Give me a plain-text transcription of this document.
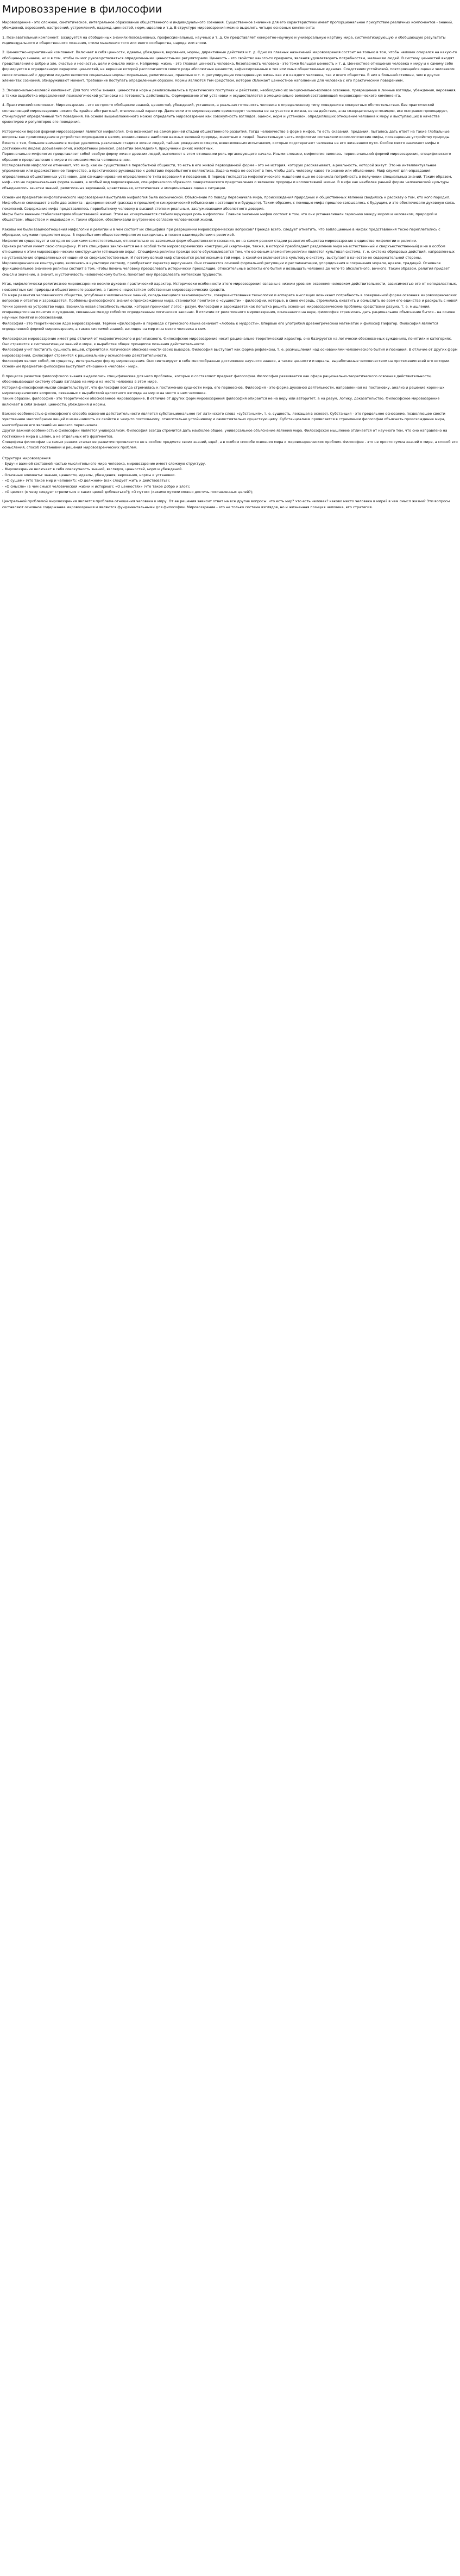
Мировоззрение в философии

Мировоззрение - это сложное, синтетическое, интегральное образование общественного и индивидуального сознания. Существенное значение для его характеристики имеет пропорциональное присутствие различных компонентов - знаний, убеждений, верований, настроений, устремлений, надежд, ценностей, норм, идеалов и т.д. В структуре мировоззрения можно выделить четыре основных компонента:

1. Познавательный компонент. Базируется на обобщенных знаниях-повседневных, профессиональных, научных и т. д. Он представляет конкретно-научную и универсальную картину мира, систематизирующую и обобщающую результаты индивидуального и общественного познания, стили мышления того или иного сообщества, народа или эпохи.

2. Ценностно-нормативный компонент. Включает в себя ценности, идеалы, убеждения, верования, нормы, директивные действия и т. д. Одно из главных назначений мировоззрения состоит не только в том, чтобы человек опирался на какую-то обобщенную знание, но и в том, чтобы он мог руководствоваться определенными ценностными регуляторами. Ценность - это свойство какого-то предмета, явления удовлетворять потребностям, желаниям людей. В систему ценностей входят представления о добре и зле, счастье и несчастье, цели и смысле жизни. Например: жизнь - это главная ценность человека, безопасность человека - это тоже большая ценность и т. д. Ценностное отношение человека к миру и к самому себе формируется в определенную иерархию ценностей, на вершине которой располагаются своего рода абсолютные ценности, зафиксированные в тех или иных общественных идеалах. Следствием устойчивой, повторяющейся оценки человеком своих отношений с другими людьми являются социальные нормы: моральные, религиозные, правовые и т. п. регулирующие повседневную жизнь как и в каждого человека, так и всего общества. В них в большей степени, чем в других элементах сознания, обнаруживают момент, требование поступать определенным образом. Нормы являются тем средством, которое сближает ценностное наполнение для человека с его практическим поведением.

3. Эмоционально-волевой компонент. Для того чтобы знания, ценности и нормы реализовывались в практических поступках и действиях, необходимо их эмоционально-волевое освоение, превращение в личные взгляды, убеждения, верования, а также выработка определенной психологической установки на готовность действовать. Формирование этой установки и осуществляется в эмоционально-волевой составляющей мировоззренческого компонента.

4. Практический компонент. Мировоззрение - это не просто обобщение знаний, ценностей, убеждений, установок, а реальная готовность человека к определенному типу поведения в конкретных обстоятельствах. Без практической составляющей мировоззрение носило бы крайне абстрактный, отвлеченный характер. Даже если это мировоззрение ориентирует человека не на участие в жизни, не на действие, а на созерцательную позицию, все оно равно провоцирует, стимулирует определенный тип поведения. На основе вышеизложенного можно определить мировоззрение как совокупность взглядов, оценок, норм и установок, определяющих отношение человека к миру и выступающих в качестве ориентиров и регуляторов его поведения.

Исторически первой формой мировоззрения является мифология. Она возникает на самой ранней стадии общественного развития. Тогда человечество в форме мифов, то есть сказаний, преданий, пыталось дать ответ на такие глобальные вопросы как происхождение и устройство мироздания в целом, возникновение наиболее важных явлений природы, животных и людей. Значительную часть мифологии составляли космологические мифы, посвященные устройству природы. Вместе с тем, большое внимание в мифах уделялось различным стадиям жизни людей, тайнам рождения и смерти, всевозможным испытаниям, которые подстерегают человека на его жизненном пути. Особое место занимают мифы о достижениях людей: добывании огня, изобретении ремесел, развитии земледелия, приручении диких животных.

Первоначально мифология представляет собой особую форму жизни древних людей, выполняет в этом отношении роль организующего начала. Иными словами, мифология являлась первоначальной формой мировоззрения, специфического образного представления о мире и понимания места человека в нем.

Исследователи мифологии отмечают, что миф, как он существовал в первобытной общности, то есть в его живой первозданной форме - это не история, которую рассказывают, а реальность, которой живут. Это не интеллектуальное упражнение или художественное творчество, а практическое руководство к действию первобытного коллектива. Задача мифа не состоит в том, чтобы дать человеку какое-то знание или объяснение. Миф служит для оправдания определенных общественных установок, для санкционирования определенного типа верований и поведения. В период господства мифологического мышления еще не возникла потребность в получении специальных знаний. Таким образом, миф - это не первоначальная форма знания, а особый вид мировоззрения, специфического образного синкретического представления о явлениях природы и коллективной жизни. В мифе как наиболее ранней форме человеческой культуры объединялись зачатки знаний, религиозных верований, нравственная, эстетическая и эмоциональная оценка ситуации.

Основным предметом мифологического мировоззрения выступала мифология была космической. Объяснение по поводу первоначала мира, происхождения природных и общественных явлений сводилось к рассказу о том, кто кого породил.

Миф обычно совмещает в себе два аспекта - диахронический (рассказ о прошлом) и синхронический (объяснение настоящего и будущего). Таким образом, с помощью мифа прошлое связывалось с будущим, и это обеспечивало духовную связь поколений. Содержание мифа представлялось первобытному человеку в высшей степени реальным, заслуживающим абсолютного доверия.

Мифы были важным стабилизатором общественной жизни. Этим не исчерпывается стабилизирующая роль мифологии. Главное значение мифов состоит в том, что они устанавливали гармонию между миром и человеком, природой и обществом, обществом и индивидом и, таким образом, обеспечивали внутреннюю согласие человеческой жизни.

Каковы же были взаимоотношения мифологии и религии и в чем состоит их специфика при разрешении мировоззренческих вопросов? Прежде всего, следует отметить, что воплощенные в мифах представления тесно переплетались с обрядами, служили предметом веры. В первобытном обществе мифология находилась в тесном взаимодействии с религией.

Мифология существует и сегодня не рамками самостоятельных, относительно не зависимых форм общественного сознания, но на самом раннем стадии развития общества мировоззрение в единстве мифологии и религии.

Однако религия имеет свою специфику. И эта специфика заключается не в особой типе мировоззренческих конструкций (картинере, также, в которой преобладает разделение мира на естественный и сверхъестественный) и не в особом отношении к этим мировоззренческим конструкциям (отношение веры). Специфика религии прежде всего обуславливается тем, что основным элементом религии является культовая система, т. е. система обрядовых действий, направленных на установление определенных отношений со сверхъестественным. И поэтому всякий миф становится религиозным в той мере, в какой он включается в культовую систему, выступает в качестве ее содержательной стороны. Мировоззренческие конструкции, включаясь в культовую систему, приобретают характер вероучения. Они становятся основой формальной регуляции и регламентации, упорядочения и сохранения морали, нравов, традиций. Основное функциональное значение религии состоит в том, чтобы помочь человеку преодолевать исторически преходящие, относительные аспекты его бытия и возвышать человека до чего-то абсолютного, вечного. Таким образом, религия придает смысл и значение, а значит, и устойчивость человеческому бытию, помогает ему преодолевать житейские трудности.

Итак, мифологически-религиозное мировоззрение носило духовно-практический характер. Исторически особенности этого мировоззрения связаны с низким уровнем освоения человеком действительности, зависимостью его от неподвластных, неизвестных сил природы и общественного развития, а также с недостатком собственных мировоззренческих средств.

По мере развития человеческого общества, углубления человеческих знаний, складывающиеся закономерности, совершенствования технологии и аппарата мыслящих возникает потребность в совершенной форме освоения мировоззренческих вопросов и ответов и зарождается. Проблемы философского знания о происхождении мира, становится понятием о «сущности» - философии, которые, в свою очередь, стремились охватить и осмыслить во всем его единстве и раскрыть с новой точки зрения на устройство мира. Возникла новая способность мысли, которая проникает Логос - разум. Философия и зарождается как попытка решить основные мировоззренческие проблемы средствами разума, т. е. мышления, опирающегося на понятия и суждения, связанные между собой по определенным логическим законам. В отличие от религиозного мировоззрения, основанного на вере, философия стремилась дать рациональное объяснение бытия - на основе научных понятий и обоснований.

Философия - это теоретическое ядро мировоззрения. Термин «философия» в переводе с греческого языка означает «любовь к мудрости». Впервые его употребил древнегреческий математик и философ Пифагор. Философия является определенной формой мировоззрения, а также системой знаний, взглядов на мир и на место человека в нем.

Философское мировоззрение имеет ряд отличий от мифологического и религиозного. Философское мировоззрение носит рационально-теоретический характер, оно базируется на логически обоснованных суждениях, понятиях и категориях. Оно стремится к систематизации знаний о мире, к выработке общих принципов познания действительности.

Философия учит постигать сущность вещей, стремится к логической обоснованности своих выводов. Философия выступает как форма рефлексии, т. е. размышления над основаниями человеческого бытия и познания. В отличие от других форм мировоззрения, философия стремится к рациональному осмыслению действительности.

Философия являет собой, по существу, интегральную форму мировоззрения. Оно синтезирует в себе многообразные достижения научного знания, а также ценности и идеалы, выработанные человечеством на протяжении всей его истории. Основным предметом философии выступает отношение «человек - мир».

В процессе развития философского знания выделились специфические для него проблемы, которые и составляют предмет философии. Философия развивается как сфера рационально-теоретического освоения действительности, обосновывающая систему общих взглядов на мир и на место человека в этом мире.

История философской мысли свидетельствует, что философия всегда стремилась к постижению сущности мира, его первооснов. Философия - это форма духовной деятельности, направленная на постановку, анализ и решение коренных мировоззренческих вопросов, связанных с выработкой целостного взгляда на мир и на место в нем человека.

Таким образом, философия - это теоретически обоснованное мировоззрение. В отличие от других форм мировоззрения философия опирается не на веру или авторитет, а на разум, логику, доказательство. Философское мировоззрение включает в себя знания, ценности, убеждения и нормы.

Важное особенностью философского способа освоения действительности является субстанциональное (от латинского слова «субстанция», т. е. сущность, лежащая в основе). Субстанция - это предельное основание, позволяющее свести чувственное многообразие вещей и изменчивость их свойств к чему-то постоянному, относительно устойчивому и самостоятельно существующему. Субстанциализм проявляется в стремлении философии объяснить происхождение мира, многообразие его явлений из некоего первоначала.

Другой важной особенностью философии является универсализм. Философия всегда стремится дать наиболее общее, универсальное объяснение явлений мира. Философское мышление отличается от научного тем, что оно направлено на постижение мира в целом, а не отдельных его фрагментов.

Специфика философии на самых ранних этапах ее развития проявляется не в особом предмете своих знаний, идей, а в особом способе освоения мира и мировоззренческих проблем. Философия - это не просто сумма знаний о мире, а способ его осмысления, способ постановки и решения мировоззренческих проблем.

Структура мировоззрения

- Будучи важной составной частью мыслительного мира человека, мировоззрение имеет сложную структуру.

- Мировоззрение включает в себя совокупность знаний, взглядов, ценностей, норм и убеждений.

- Основные элементы: знания, ценности, идеалы, убеждения, верования, нормы и установки.

- «О сущем» (что такое мир и человек?); «О должном» (как следует жить и действовать?);

- «О смысле» (в чем смысл человеческой жизни и истории?); «О ценностях» (что такое добро и зло?);

- «О целях» (к чему следует стремиться и каких целей добиваться?); «О путях» (какими путями можно достичь поставленных целей?);

Центральной проблемой мировоззрения является проблема отношения человека к миру. От ее решения зависит ответ на все другие вопросы: что есть мир? что есть человек? каково место человека в мире? в чем смысл жизни? Эти вопросы составляют основное содержание мировоззрения и являются фундаментальными для философии. Мировоззрение - это не только система взглядов, но и жизненная позиция человека, его стратегия.
